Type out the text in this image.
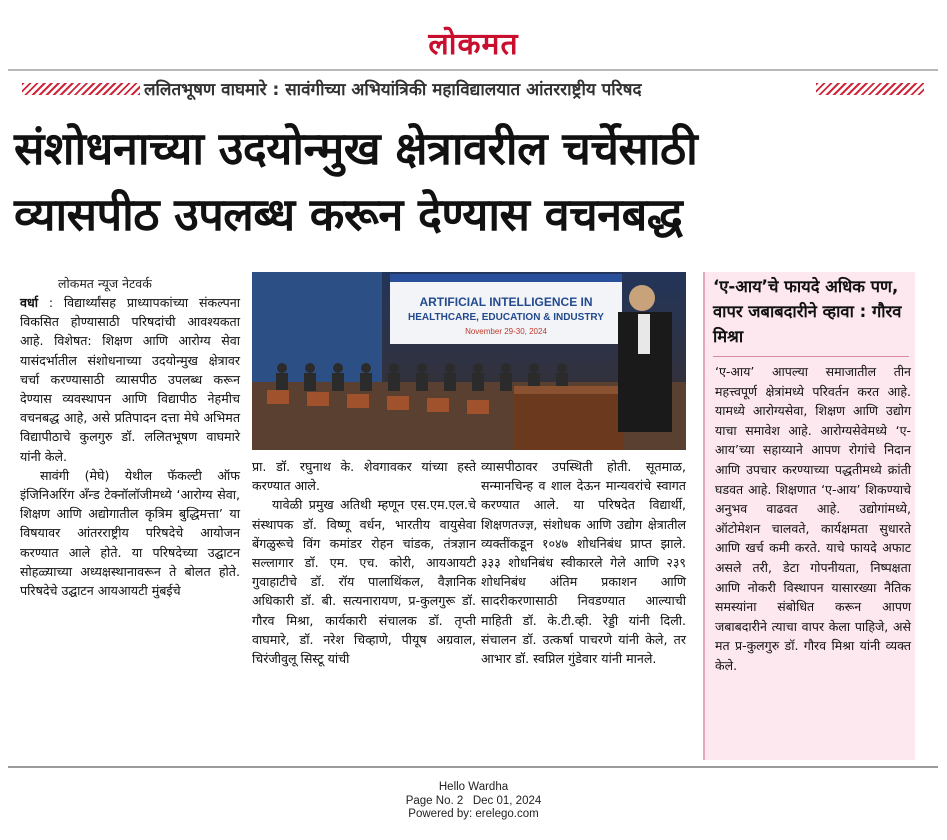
लोकमत
ललितभूषण वाघमारे : सावंगीच्या अभियांत्रिकी महाविद्यालयात आंतरराष्ट्रीय परिषद
संशोधनाच्या उदयोन्मुख क्षेत्रावरील चर्चेसाठी
व्यासपीठ उपलब्ध करून देण्यास वचनबद्ध
लोकमत न्यूज नेटवर्क

वर्धा : विद्यार्थ्यांसह प्राध्यापकांच्या संकल्पना विकसित होण्यासाठी परिषदांची आवश्यकता आहे. विशेषत: शिक्षण आणि आरोग्य सेवा यासंदर्भातील संशोधनाच्या उदयोन्मुख क्षेत्रावर चर्चा करण्यासाठी व्यासपीठ उपलब्ध करून देण्यास व्यवस्थापन आणि विद्यापीठ नेहमीच वचनबद्ध आहे, असे प्रतिपादन दत्ता मेघे अभिमत विद्यापीठाचे कुलगुरु डॉ. ललितभूषण वाघमारे यांनी केले.

सावंगी (मेघे) येथील फॅकल्टी ऑफ इंजिनिअरिंग अँन्ड टेक्नॉलॉजीमध्ये ‘आरोग्य सेवा, शिक्षण आणि अद्योगातील कृत्रिम बुद्धिमत्ता’ या विषयावर आंतरराष्ट्रीय परिषदेचे आयोजन करण्यात आले होते. या परिषदेच्या उद्घाटन सोहळ्याच्या अध्यक्षस्थानावरून ते बोलत होते. परिषदेचे उद्घाटन आयआयटी मुंबईचे

ARTIFICIAL INTELLIGENCE IN
HEALTHCARE, EDUCATION & INDUSTRY
November 29-30, 2024

प्रा. डॉ. रघुनाथ के. शेवगावकर यांच्या हस्ते करण्यात आले.

यावेळी प्रमुख अतिथी म्हणून एस.एम.एल.चे संस्थापक डॉ. विष्णू वर्धन, भारतीय वायुसेवा बेंगळुरूचे विंग कमांडर रोहन चांडक, तंत्रज्ञान सल्लागार डॉ. एम. एच. कोरी, आयआयटी गुवाहाटीचे डॉ. रॉय पालाथिंकल, वैज्ञानिक अधिकारी डॉ. बी. सत्यनारायण, प्र-कुलगुरू डॉ. गौरव मिश्रा, कार्यकारी संचालक डॉ. तृप्ती वाघमारे, डॉ. नरेश चिव्हाणे, पीयूष अग्रवाल, चिरंजीवुलू सिस्टू यांची

व्यासपीठावर उपस्थिती होती. सूतमाळ, सन्मानचिन्ह व शाल देऊन मान्यवरांचे स्वागत करण्यात आले. या परिषदेत विद्यार्थी, शिक्षणतज्ज्ञ, संशोधक आणि उद्योग क्षेत्रातील व्यक्तींकडून १०४७ शोधनिबंध प्राप्त झाले. ३३३ शोधनिबंध स्वीकारले गेले आणि २३९ शोधनिबंध अंतिम प्रकाशन आणि सादरीकरणासाठी निवडण्यात आल्याची माहिती डॉ. के.टी.व्ही. रेड्डी यांनी दिली. संचालन डॉ. उत्कर्षा पाचरणे यांनी केले, तर आभार डॉ. स्वप्निल गुंडेवार यांनी मानले.

‘ए-आय’चे फायदे अधिक पण, वापर जबाबदारीने व्हावा : गौरव मिश्रा
‘ए-आय’ आपल्या समाजातील तीन महत्त्वपूर्ण क्षेत्रांमध्ये परिवर्तन करत आहे. यामध्ये आरोग्यसेवा, शिक्षण आणि उद्योग याचा समावेश आहे. आरोग्यसेवेमध्ये ‘ए-आय’च्या सहाय्याने आपण रोगांचे निदान आणि उपचार करण्याच्या पद्धतीमध्ये क्रांती घडवत आहे. शिक्षणात ‘ए-आय’ शिकण्याचे अनुभव वाढवत आहे. उद्योगांमध्ये, ऑटोमेशन चालवते, कार्यक्षमता सुधारते आणि खर्च कमी करते. याचे फायदे अफाट असले तरी, डेटा गोपनीयता, निष्पक्षता आणि नोकरी विस्थापन यासारख्या नैतिक समस्यांना संबोधित करून आपण जबाबदारीने त्याचा वापर केला पाहिजे, असे मत प्र-कुलगुरु डॉ. गौरव मिश्रा यांनी व्यक्त केले.
Hello Wardha
Page No. 2   Dec 01, 2024
Powered by: erelego.com
